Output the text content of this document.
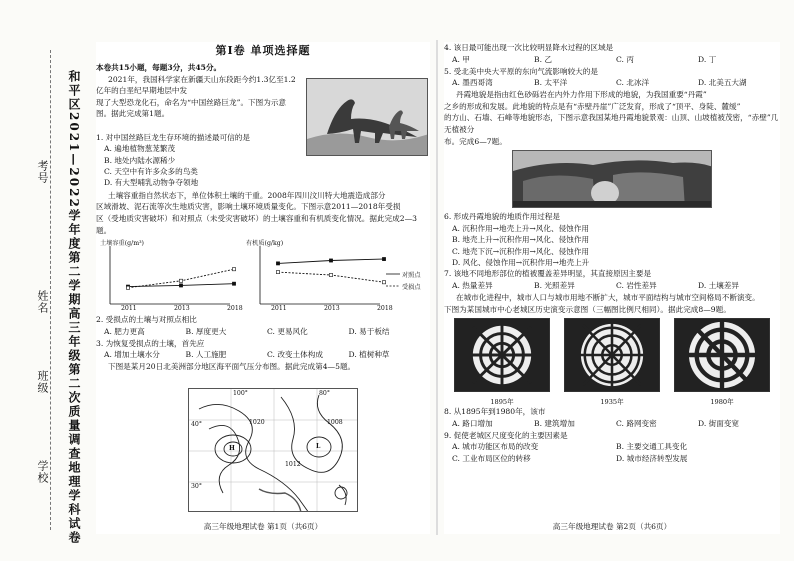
考号
姓名
班级
学校 和平区2021—2022学年度第二学期高三年级第二次质量调查地理学科试卷
第Ⅰ卷 单项选择题
本卷共15小题，每题3分，共45分。
2021年，我国科学家在新疆天山东段距今约1.3亿至1.2亿年的白垩纪早期地层中发
现了大型恐龙化石，命名为“中国丝路巨龙”。下图为示意图。据此完成第1题。
1. 对中国丝路巨龙生存环境的描述最可信的是
A. 遍地植物葱茏繁茂
B. 地处内陆水源稀少
C. 天空中有许多众多的鸟类
D. 有大型哺乳动物争夺领地
土壤容重指自然状态下，单位体积土壤的干重。2008年四川汶川特大地震造成部分
区域滑坡、泥石流等次生地质灾害，影响土壤环境质量变化。下图示意2011—2018年受损
区（受地质灾害破坏）和对照点（未受灾害破坏）的土壤容重和有机质变化情况。据此完成2—3题。
土壤容重(g/m³)	有机质(g/kg)
对照点
受损点
2011	2013	2018	2011	2013	2018
2. 受损点的土壤与对照点相比
A. 肥力更高	B. 厚度更大	C. 更易风化	D. 易于板结
3. 为恢复受损点的土壤，首先应
A. 增加土壤水分	B. 人工施肥	C. 改变土体构成	D. 植树种草
下图是某月20日北美洲部分地区海平面气压分布图。据此完成第4—5题。
H	L
100°	80°
40°
30°
1020
1012
1008
高三年级地理试卷 第1页（共6页）
4. 该日最可能出现一次比较明显降水过程的区域是
A. 甲	B. 乙	C. 丙	D. 丁
5. 受北美中央大平原的东向气流影响较大的是
A. 墨西哥湾	B. 太平洋	C. 北冰洋	D. 北美五大湖
丹霞地貌是指由红色砂砾岩在内外力作用下形成的地貌，为我国重要“丹霞”
之乡的形成和发展。此地貌的特点是有“赤壁丹崖”广泛发育，形成了“顶平、身陡、麓缓”
的方山、石墙、石峰等地貌形态，下图示意我国某地丹霞地貌景观：山顶、山坡植被茂密，“赤壁”几无植被分
布。完成6—7题。
6. 形成丹霞地貌的地质作用过程是
A. 沉积作用→地壳上升→风化、侵蚀作用
B. 地壳上升→沉积作用→风化、侵蚀作用
C. 地壳下沉→沉积作用→风化、侵蚀作用
D. 风化、侵蚀作用→沉积作用→地壳上升
7. 该地不同地形部位的植被覆盖差异明显，其直接原因主要是
A. 热量差异	B. 光照差异	C. 岩性差异	D. 土壤差异
在城市化进程中，城市人口与城市用地不断扩大，城市平面结构与城市空间格局不断演变。
下图为某国城市中心老城区历史演变示意图（三幅图比例尺相同）。据此完成8—9题。
1895年	1935年	1980年
8. 从1895年到1980年，该市
A. 路口增加	B. 建筑增加	C. 路网变密	D. 街面变宽
9. 促使老城区尺度变化的主要因素是
A. 城市功能区布局的改变	B. 主要交通工具变化
C. 工业布局区位的转移	D. 城市经济转型发展
高三年级地理试卷 第2页（共6页）
